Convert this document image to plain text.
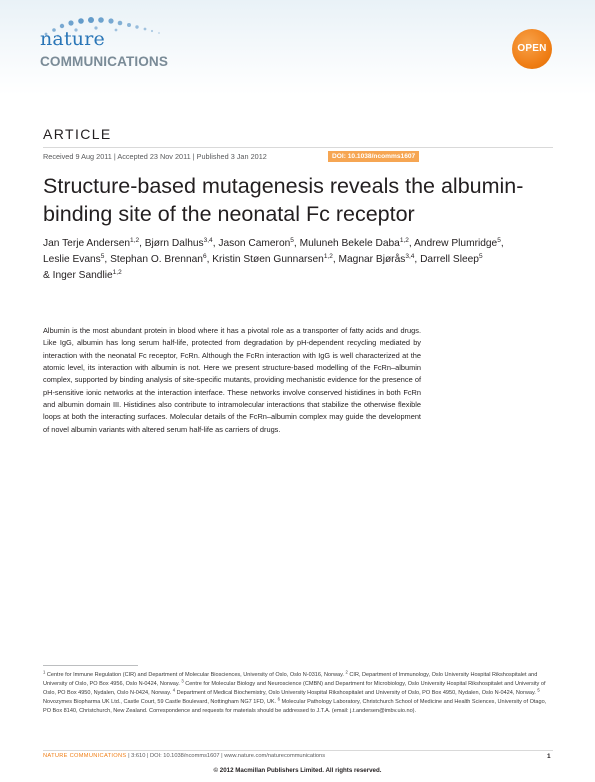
nature
COMMUNICATIONS
OPEN
ARTICLE
Received 9 Aug 2011 | Accepted 23 Nov 2011 | Published 3 Jan 2012	DOI: 10.1038/ncomms1607
Structure-based mutagenesis reveals the albumin-binding site of the neonatal Fc receptor
Jan Terje Andersen$^{1,2}$, Bjørn Dalhus$^{3,4}$, Jason Cameron$^5$, Muluneh Bekele Daba$^{1,2}$, Andrew Plumridge$^5$,
Leslie Evans$^5$, Stephan O. Brennan$^6$, Kristin Støen Gunnarsen$^{1,2}$, Magnar Bjørås$^{3,4}$, Darrell Sleep$^5$
& Inger Sandlie$^{1,2}$

Albumin is the most abundant protein in blood where it has a pivotal role as a transporter of fatty acids and drugs. Like IgG, albumin has long serum half-life, protected from degradation by pH-dependent recycling mediated by interaction with the neonatal Fc receptor, FcRn. Although the FcRn interaction with IgG is well characterized at the atomic level, its interaction with albumin is not. Here we present structure-based modelling of the FcRn–albumin complex, supported by binding analysis of site-specific mutants, providing mechanistic evidence for the presence of pH-sensitive ionic networks at the interaction interface. These networks involve conserved histidines in both FcRn and albumin domain III. Histidines also contribute to intramolecular interactions that stabilize the otherwise flexible loops at both the interacting surfaces. Molecular details of the FcRn–albumin complex may guide the development of novel albumin variants with altered serum half-life as carriers of drugs.

$^1$ Centre for Immune Regulation (CIR) and Department of Molecular Biosciences, University of Oslo, Oslo N-0316, Norway. $^2$ CIR, Department of Immunology, Oslo University Hospital Rikshospitalet and University of Oslo, PO Box 4956, Oslo N-0424, Norway. $^3$ Centre for Molecular Biology and Neuroscience (CMBN) and Department for Microbiology, Oslo University Hospital Rikshospitalet and University of Oslo, PO Box 4950, Nydalen, Oslo N-0424, Norway. $^4$ Department of Medical Biochemistry, Oslo University Hospital Rikshospitalet and University of Oslo, PO Box 4950, Nydalen, Oslo N-0424, Norway. $^5$ Novozymes Biopharma UK Ltd., Castle Court, 59 Castle Boulevard, Nottingham NG7 1FD, UK. $^6$ Molecular Pathology Laboratory, Christchurch School of Medicine and Health Sciences, University of Otago, PO Box 8140, Christchurch, New Zealand. Correspondence and requests for materials should be addressed to J.T.A. (email: j.t.andersen@imbv.uio.no).
NATURE COMMUNICATIONS | 3:610 | DOI: 10.1038/ncomms1607 | www.nature.com/naturecommunications	1
© 2012 Macmillan Publishers Limited. All rights reserved.
